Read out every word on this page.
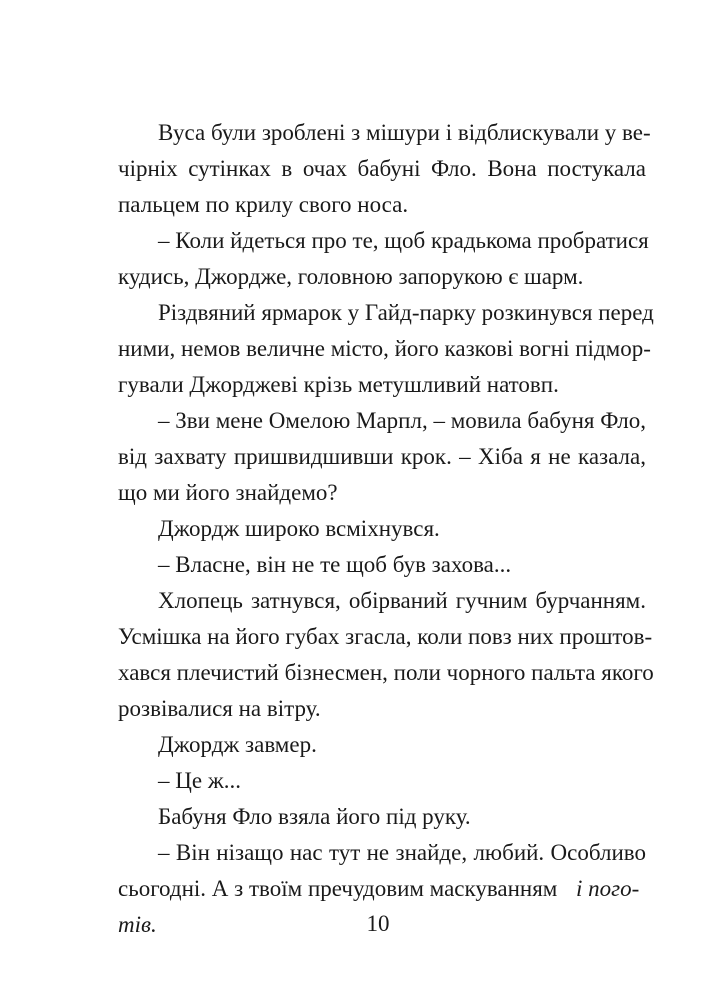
Вуса були зроблені з мішури і відблискували у ве-
чірніх сутінках в очах бабуні Фло. Вона постукала
пальцем по крилу свого носа.
– Коли йдеться про те, щоб крадькома пробратися
кудись, Джордже, головною запорукою є шарм.
Різдвяний ярмарок у Гайд-парку розкинувся перед
ними, немов величне місто, його казкові вогні підмор-
гували Джорджеві крізь метушливий натовп.
– Зви мене Омелою Марпл, – мовила бабуня Фло,
від захвату пришвидшивши крок. – Хіба я не казала,
що ми його знайдемо?
Джордж широко всміхнувся.
– Власне, він не те щоб був захова...
Хлопець затнувся, обірваний гучним бурчанням.
Усмішка на його губах згасла, коли повз них проштов-
хався плечистий бізнесмен, поли чорного пальта якого
розвівалися на вітру.
Джордж завмер.
– Це ж...
Бабуня Фло взяла його під руку.
– Він нізащо нас тут не знайде, любий. Особливо
сьогодні. А з твоїм пречудовим маскуванням і пого-
тів.	10
